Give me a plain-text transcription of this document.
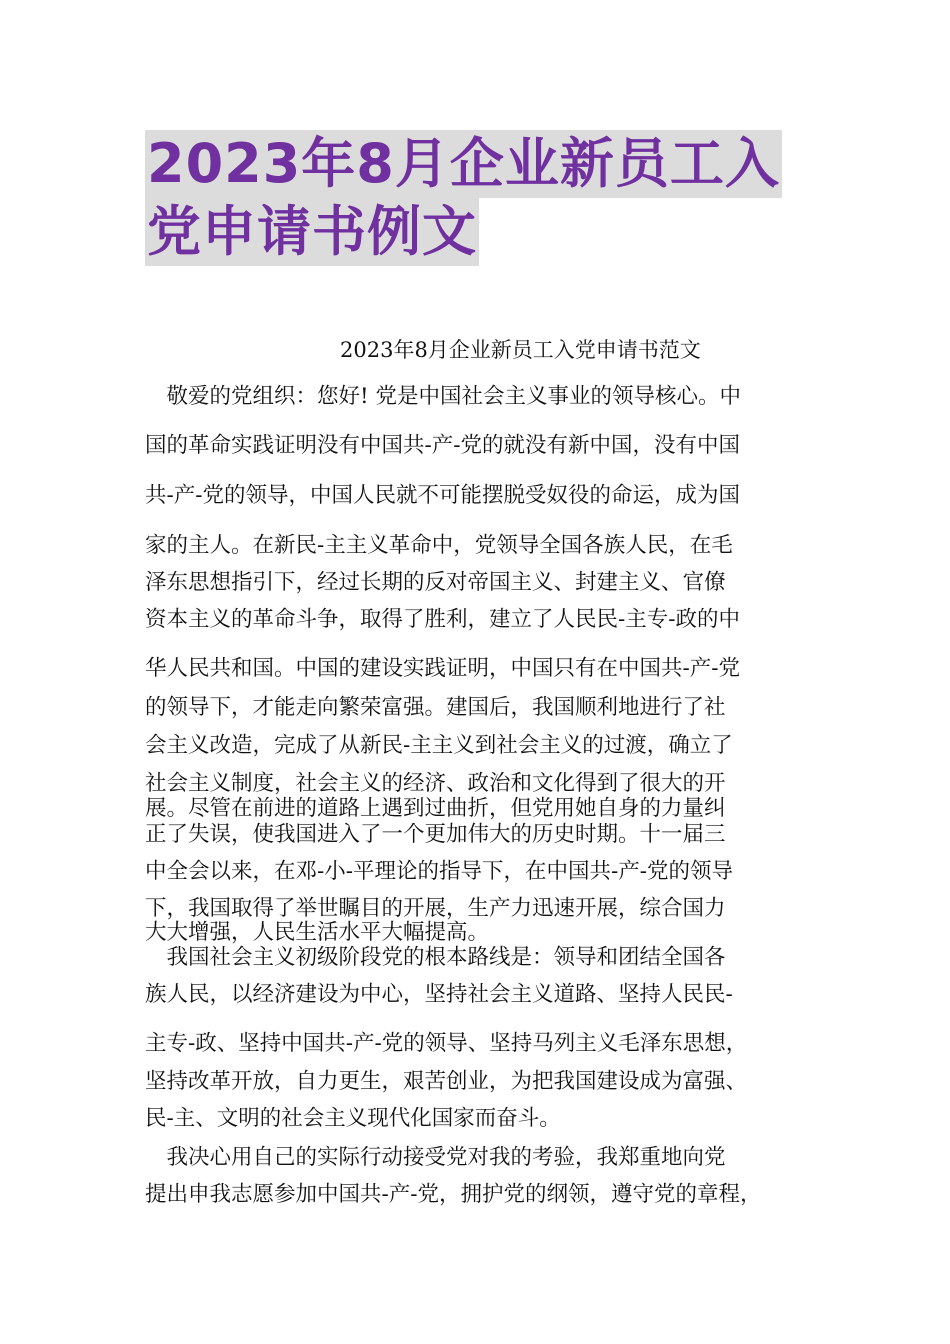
2023年8月企业新员工入
党申请书例文
2023年8月企业新员工入党申请书范文
　敬爱的党组织：您好! 党是中国社会主义事业的领导核心。中
国的革命实践证明没有中国共-产-党的就没有新中国，没有中国
共-产-党的领导，中国人民就不可能摆脱受奴役的命运，成为国
家的主人。在新民-主主义革命中，党领导全国各族人民，在毛
泽东思想指引下，经过长期的反对帝国主义、封建主义、官僚
资本主义的革命斗争，取得了胜利，建立了人民民-主专-政的中
华人民共和国。中国的建设实践证明，中国只有在中国共-产-党
的领导下，才能走向繁荣富强。建国后，我国顺利地进行了社
会主义改造，完成了从新民-主主义到社会主义的过渡，确立了
社会主义制度，社会主义的经济、政治和文化得到了很大的开
展。尽管在前进的道路上遇到过曲折，但党用她自身的力量纠
正了失误，使我国进入了一个更加伟大的历史时期。十一届三
中全会以来，在邓-小-平理论的指导下，在中国共-产-党的领导
下，我国取得了举世瞩目的开展，生产力迅速开展，综合国力
大大增强，人民生活水平大幅提高。
　我国社会主义初级阶段党的根本路线是：领导和团结全国各
族人民，以经济建设为中心，坚持社会主义道路、坚持人民民-
主专-政、坚持中国共-产-党的领导、坚持马列主义毛泽东思想，
坚持改革开放，自力更生，艰苦创业，为把我国建设成为富强、
民-主、文明的社会主义现代化国家而奋斗。
　我决心用自己的实际行动接受党对我的考验，我郑重地向党
提出申我志愿参加中国共-产-党，拥护党的纲领，遵守党的章程，
